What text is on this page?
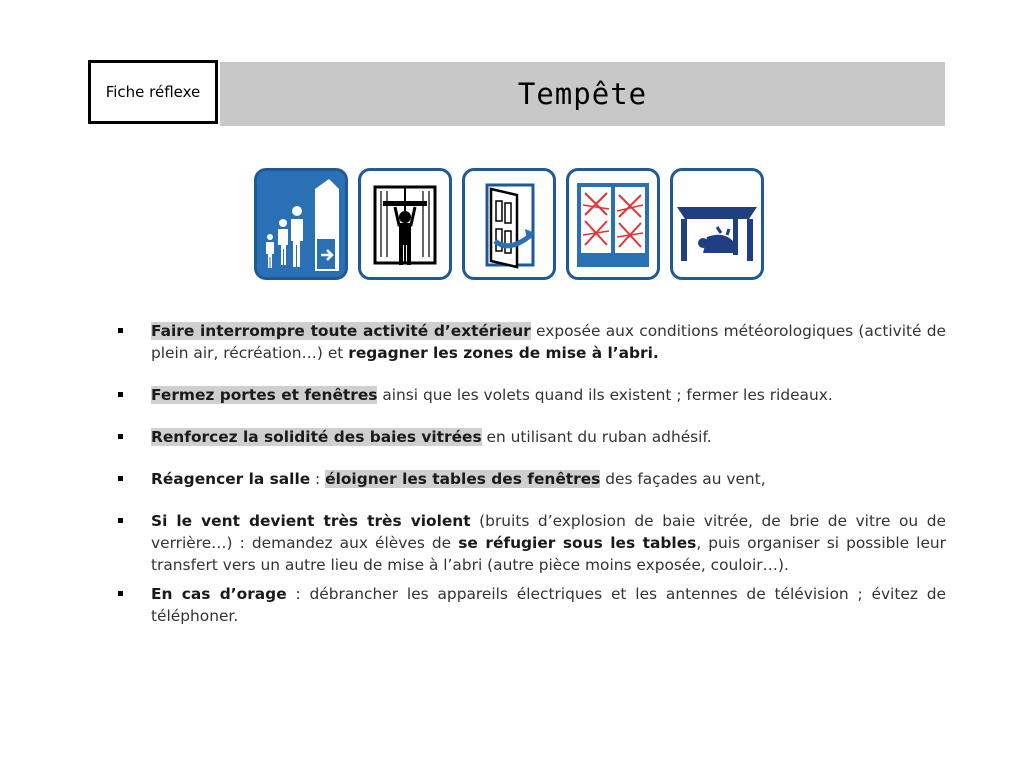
Fiche réflexe	Tempête
Faire interrompre toute activité d’extérieur exposée aux conditions météorologiques (activité de plein air, récréation…) et regagner les zones de mise à l’abri.
Fermez portes et fenêtres ainsi que les volets quand ils existent ; fermer les rideaux.
Renforcez la solidité des baies vitrées en utilisant du ruban adhésif.
Réagencer la salle : éloigner les tables des fenêtres des façades au vent,
Si le vent devient très très violent (bruits d’explosion de baie vitrée, de brie de vitre ou de verrière…) : demandez aux élèves de se réfugier sous les tables, puis organiser si possible leur transfert vers un autre lieu de mise à l’abri (autre pièce moins exposée, couloir…).
En cas d’orage : débrancher les appareils électriques et les antennes de télévision ; évitez de téléphoner.
